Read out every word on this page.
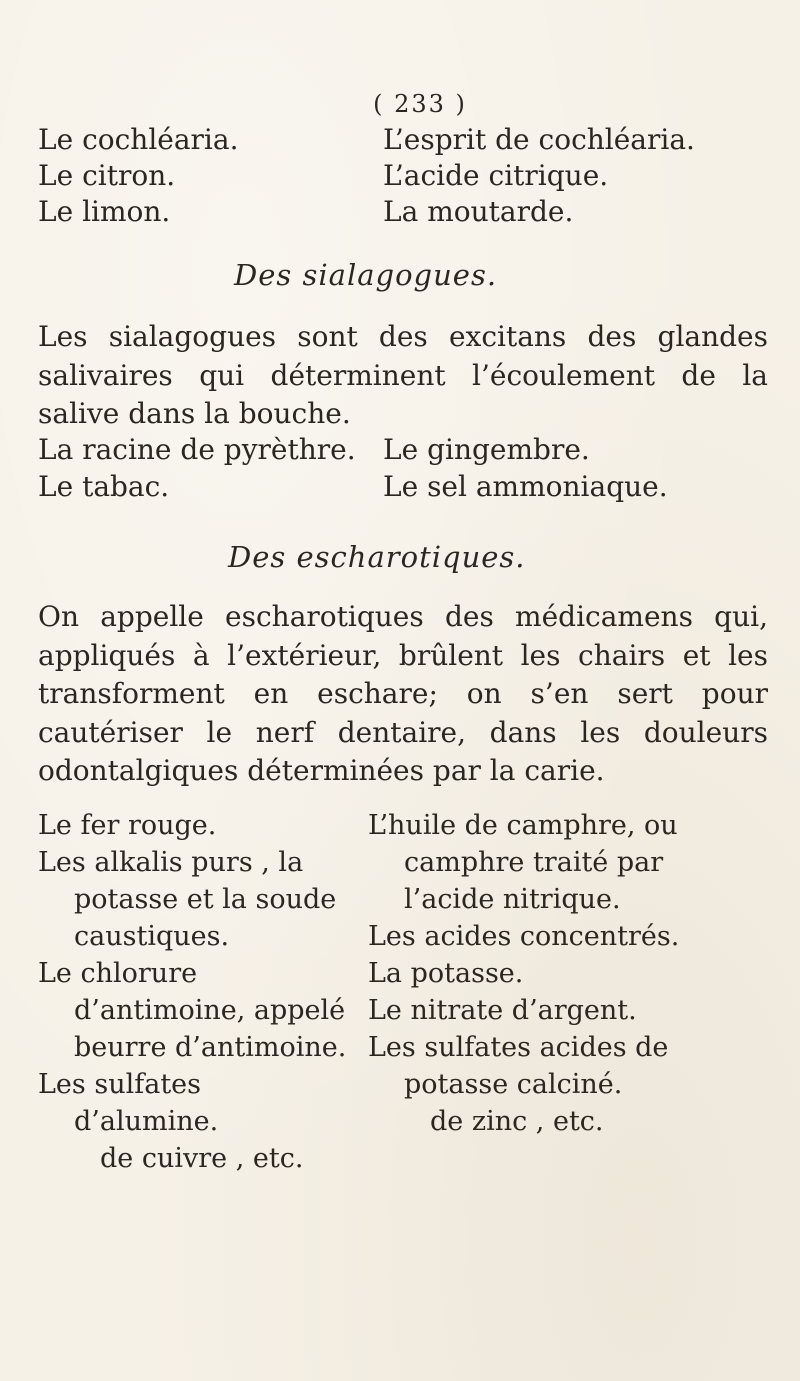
( 233 )
Le cochléaria.
Le citron.
Le limon.
L’esprit de cochléaria.
L’acide citrique.
La moutarde.
Des sialagogues.
Les sialagogues sont des excitans des glandes salivaires qui déterminent l’écoulement de la salive dans la bouche.
La racine de pyrèthre.
Le tabac.
Le gingembre.
Le sel ammoniaque.
Des escharotiques.
On appelle escharotiques des médicamens qui, appliqués à l’extérieur, brûlent les chairs et les transforment en eschare; on s’en sert pour cautériser le nerf dentaire, dans les douleurs odontalgiques déterminées par la carie.
Le fer rouge.
Les alkalis purs , la potasse et la soude caustiques.
Le chlorure d’antimoine, appelé beurre d’antimoine.
Les sulfates d’alumine.
de cuivre , etc.
L’huile de camphre, ou camphre traité par l’acide nitrique.
Les acides concentrés.
La potasse.
Le nitrate d’argent.
Les sulfates acides de potasse calciné.
de zinc , etc.
